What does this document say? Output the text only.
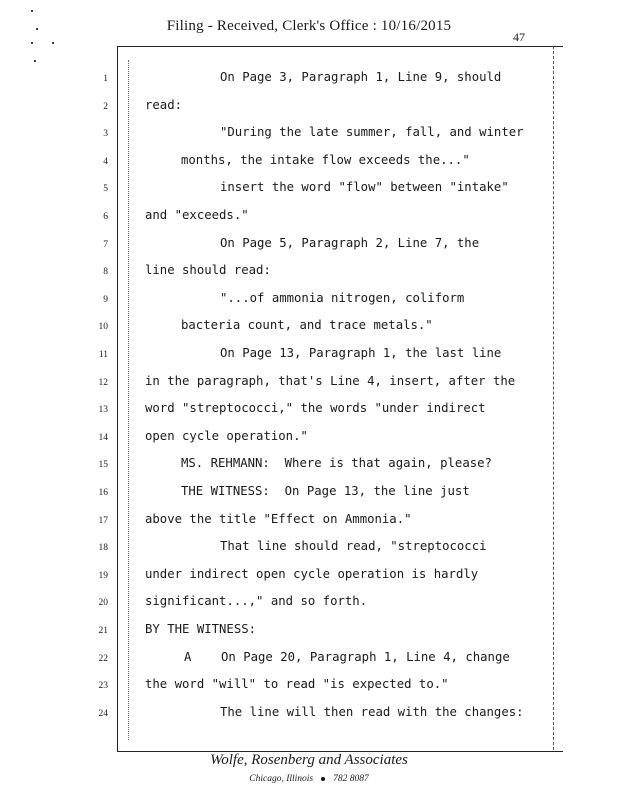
Filing - Received, Clerk's Office : 10/16/2015
47
1	On Page 3, Paragraph 1, Line 9, should
2	read:
3	"During the late summer, fall, and winter
4	months, the intake flow exceeds the..."
5	insert the word "flow" between "intake"
6	and "exceeds."
7	On Page 5, Paragraph 2, Line 7, the
8	line should read:
9	"...of ammonia nitrogen, coliform
10	bacteria count, and trace metals."
11	On Page 13, Paragraph 1, the last line
12	in the paragraph, that's Line 4, insert, after the
13	word "streptococci," the words "under indirect
14	open cycle operation."
15	MS. REHMANN:  Where is that again, please?
16	THE WITNESS:  On Page 13, the line just
17	above the title "Effect on Ammonia."
18	That line should read, "streptococci
19	under indirect open cycle operation is hardly
20	significant...," and so forth.
21	BY THE WITNESS:
22	A    On Page 20, Paragraph 1, Line 4, change
23	the word "will" to read "is expected to."
24	The line will then read with the changes:
Wolfe, Rosenberg and Associates
Chicago, Illinois 782 8087
